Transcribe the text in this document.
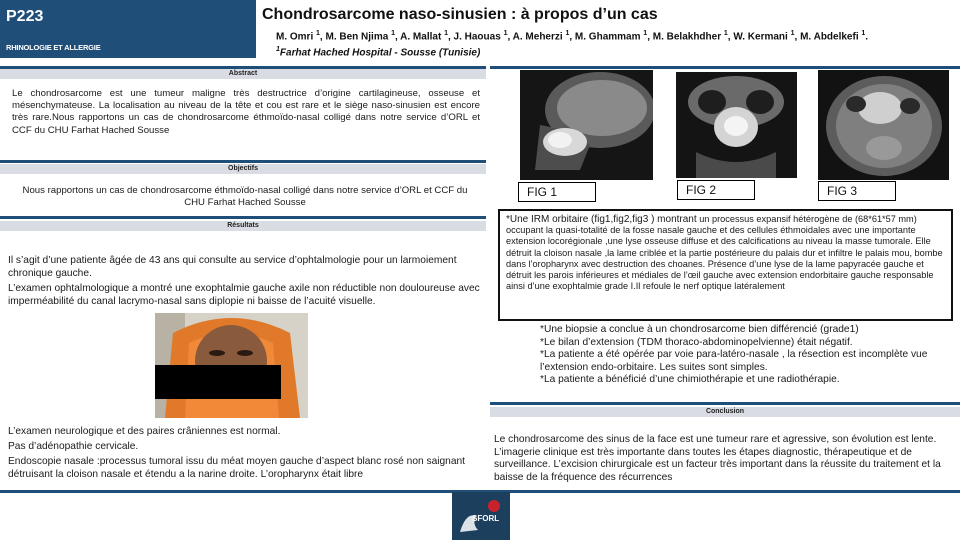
P223
RHINOLOGIE ET ALLERGIE
Chondrosarcome naso-sinusien : à propos d’un cas
M. Omri $^1$, M. Ben Njima $^1$, A. Mallat $^1$, J. Haouas $^1$, A. Meherzi $^1$, M. Ghammam $^1$, M. Belakhdher $^1$, W. Kermani $^1$, M. Abdelkefi $^1$.
$^1$Farhat Hached Hospital - Sousse (Tunisie)
Abstract
Le chondrosarcome est une tumeur maligne très destructrice d’origine cartilagineuse, osseuse et mésenchymateuse. La localisation au niveau de la tête et cou est rare et le siège naso-sinusien est encore très rare.Nous rapportons un cas de chondrosarcome éthmoïdo-nasal colligé dans notre service d’ORL et CCF du CHU Farhat Hached Sousse
Objectifs
Nous rapportons un cas de chondrosarcome éthmoïdo-nasal colligé dans notre service d’ORL et CCF du CHU Farhat Hached Sousse
Résultats
Il s’agit d’une patiente âgée de 43 ans qui consulte au service d’ophtalmologie pour un larmoiement chronique gauche.
L’examen ophtalmologique a montré une exophtalmie gauche axile non réductible non douloureuse avec imperméabilité du canal lacrymo-nasal sans diplopie ni baisse de l’acuité visuelle.
L’examen neurologique et des paires crâniennes est normal.
Pas d’adénopathie cervicale.
Endoscopie nasale :processus tumoral issu du méat moyen gauche d’aspect blanc rosé non saignant détruisant la cloison nasale et étendu a la narine droite. L’oropharynx était libre
FIG 1	FIG 2	FIG 3
*Une IRM orbitaire (fig1,fig2,fig3 ) montrant un processus expansif hétérogène de (68*61*57 mm) occupant la quasi-totalité de la fosse nasale gauche et des cellules éthmoidales avec une importante extension locorégionale ,une lyse osseuse diffuse et des calcifications au niveau la masse tumorale. Elle détruit la cloison nasale ,la lame criblée et la partie postérieure du palais dur et infiltre le palais mou, bombe dans l’oropharynx avec destruction des choanes. Présence d’une lyse de la lame papyracée gauche et détruit les parois inférieures et médiales de l’œil gauche avec extension endorbitaire gauche responsable ainsi d’une exophtalmie grade I.Il refoule le nerf optique latéralement
*Une biopsie a conclue à un chondrosarcome bien différencié (grade1)
*Le bilan d’extension (TDM thoraco-abdominopelvienne) était négatif.
*La patiente a été opérée par voie para-latéro-nasale , la résection est incomplète vue l’extension endo-orbitaire. Les suites sont simples.
*La patiente a bénéficié d’une chimiothérapie et une radiothérapie.
Conclusion
Le chondrosarcome des sinus de la face est une tumeur rare et agressive, son évolution est lente. L’imagerie clinique est très importante dans toutes les étapes diagnostic, thérapeutique et de surveillance. L’excision chirurgicale est un facteur très important dans la réussite du traitement et la baisse de la fréquence des récurrences
SFORL
